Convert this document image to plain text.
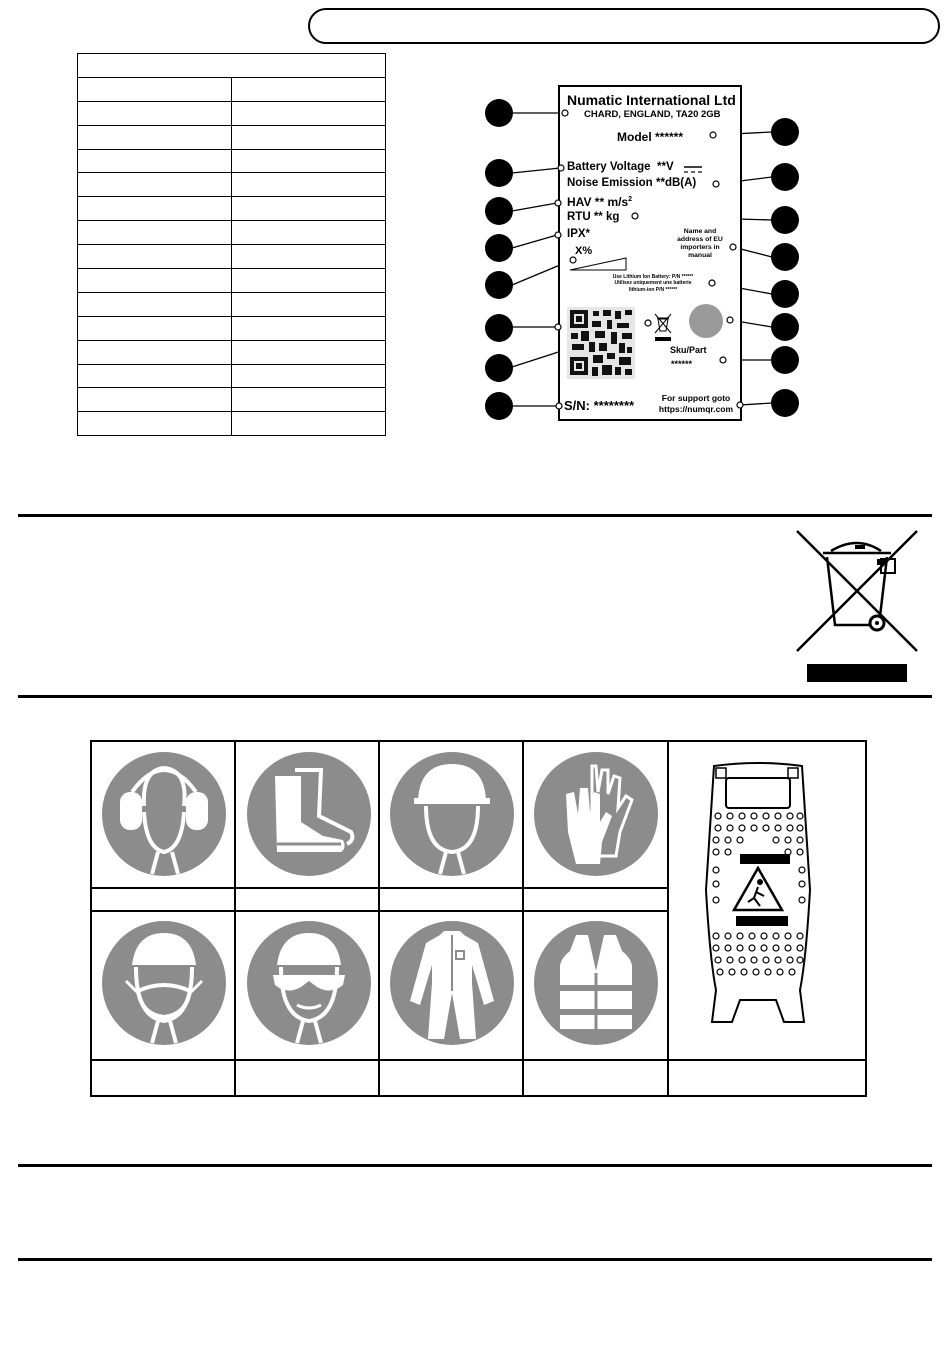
Numatic International Ltd
CHARD, ENGLAND, TA20 2GB
Model ******
Battery Voltage **V
Noise Emission **dB(A)
HAV ** $m/s^2$
RTU ** kg
IPX*
X%
Name and
address of EU
importers in
manual
Use Lithium Ion Battery: P/N ******
Utilisez uniquement une batterie
lithium-ion P/N ******
Sku/Part
******
S/N: ********	For support goto
https://numqr.com
